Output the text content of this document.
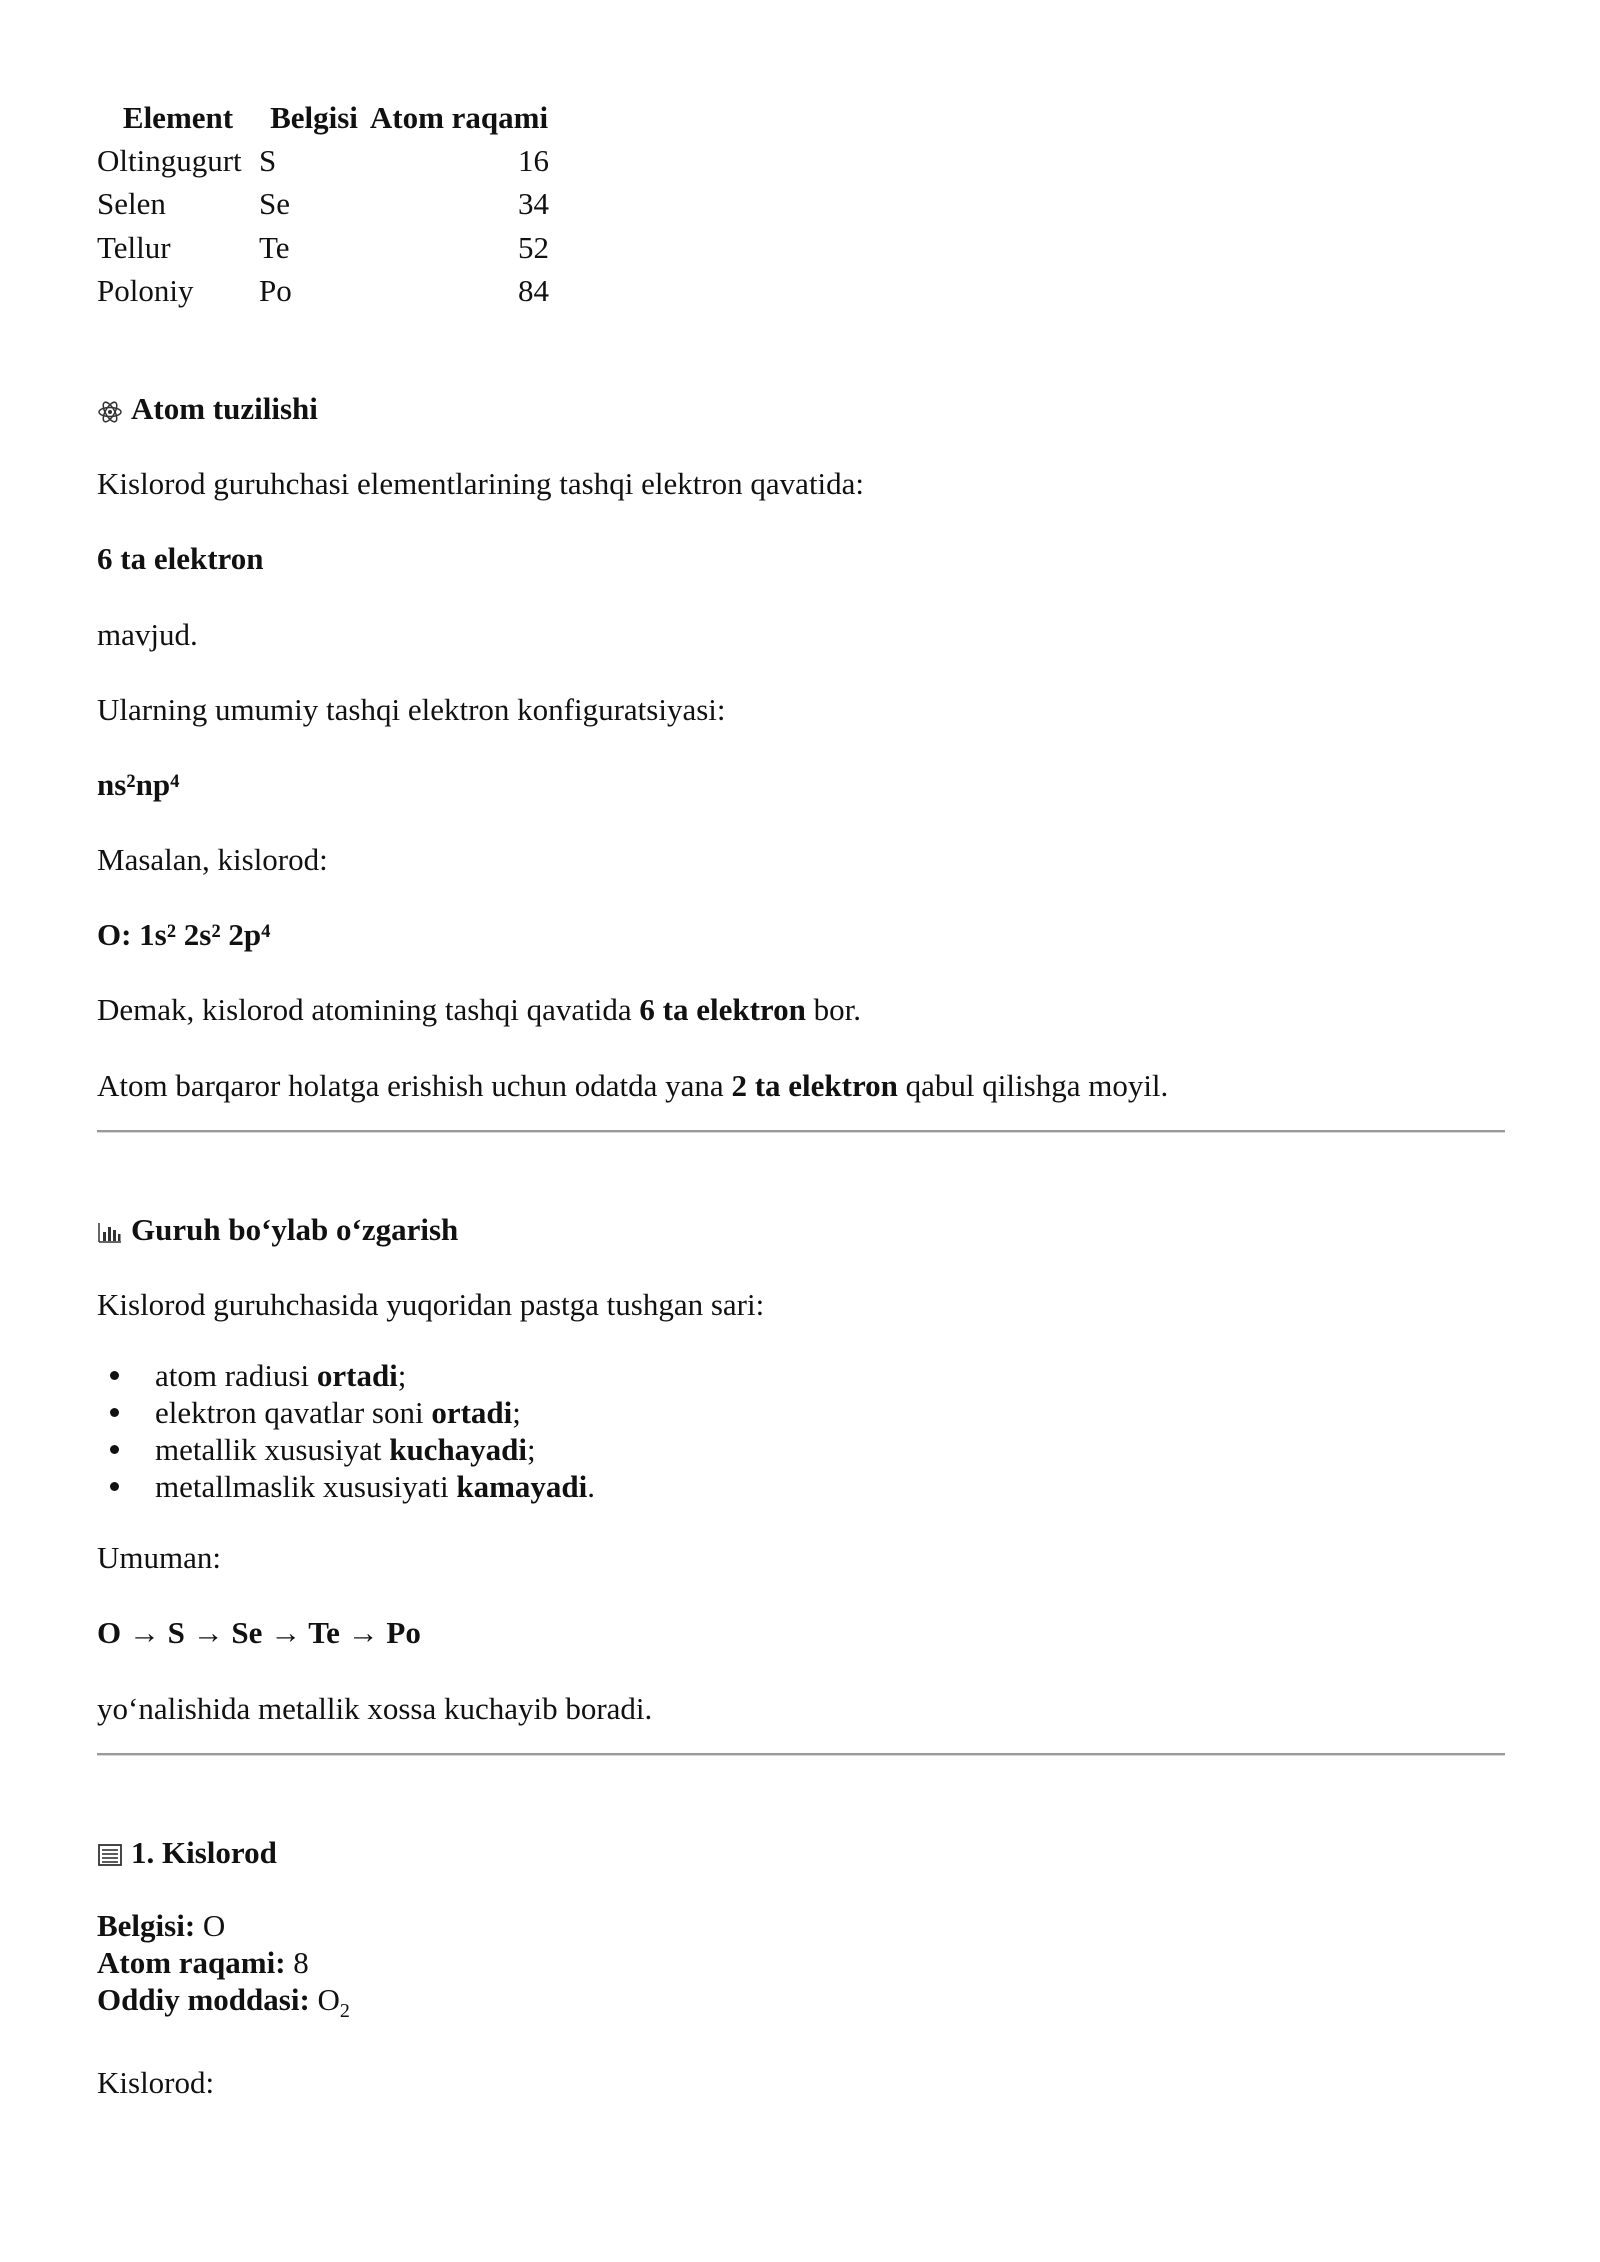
Element	Belgisi	Atom raqami
Oltingugurt	S	16
Selen	Se	34
Tellur	Te	52
Poloniy	Po	84
Atom tuzilishi

Kislorod guruhchasi elementlarining tashqi elektron qavatida:

6 ta elektron

mavjud.

Ularning umumiy tashqi elektron konfiguratsiyasi:

ns²np⁴

Masalan, kislorod:

O: 1s² 2s² 2p⁴

Demak, kislorod atomining tashqi qavatida 6 ta elektron bor.

Atom barqaror holatga erishish uchun odatda yana 2 ta elektron qabul qilishga moyil.

Guruh bo‘ylab o‘zgarish

Kislorod guruhchasida yuqoridan pastga tushgan sari:

atom radiusi ortadi;
elektron qavatlar soni ortadi;
metallik xususiyat kuchayadi;
metallmaslik xususiyati kamayadi.

Umuman:

O → S → Se → Te → Po

yo‘nalishida metallik xossa kuchayib boradi.

1. Kislorod

Belgisi: O

Atom raqami: 8

Oddiy moddasi: $O_2$

Kislorod:
